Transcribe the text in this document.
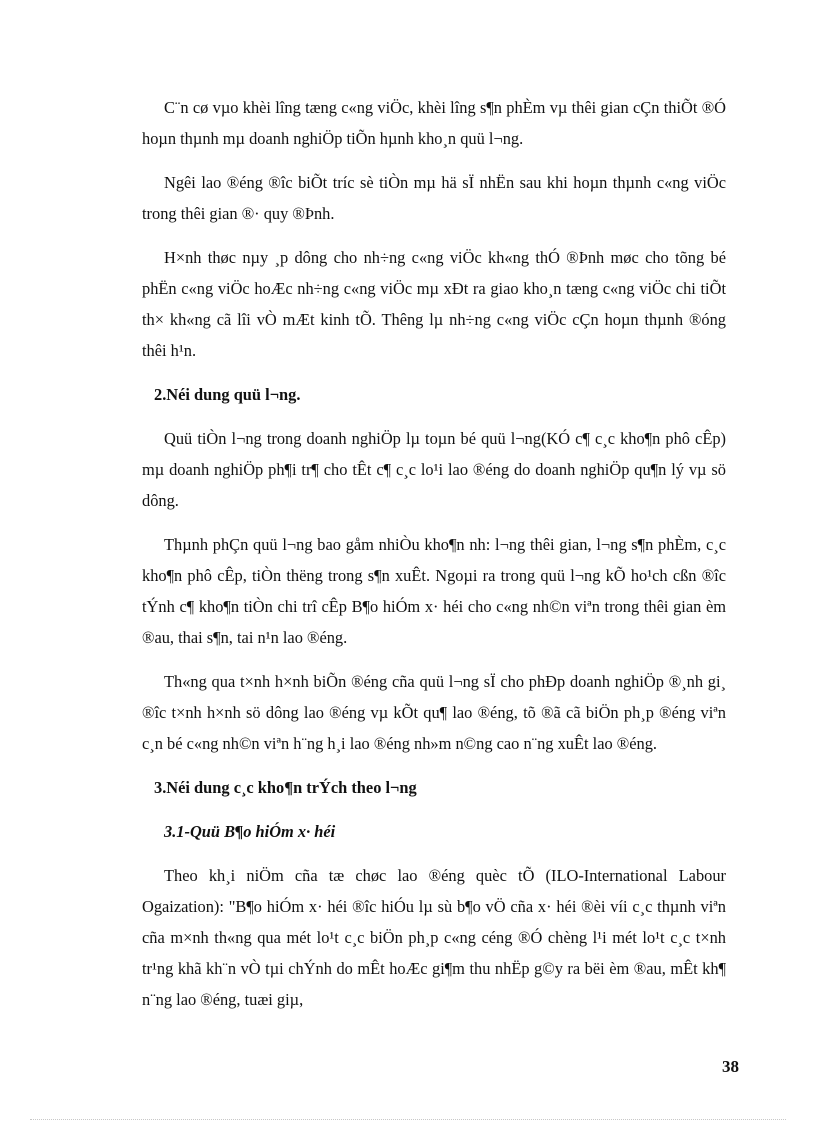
C¨n cø vµo khèi lîng tæng c«ng viÖc, khèi lîng s¶n phÈm vµ thêi gian cÇn thiÕt ®Ó hoµn thµnh mµ doanh nghiÖp tiÕn hµnh kho¸n quü l¬ng.

Ngêi lao ®éng ®îc biÕt tríc sè tiÒn mµ hä sÏ nhËn sau khi hoµn thµnh c«ng viÖc trong thêi gian ®· quy ®Þnh.

H×nh thøc nµy ¸p dông cho nh÷ng c«ng viÖc kh«ng thÓ ®Þnh møc cho tõng bé phËn c«ng viÖc hoÆc nh÷ng c«ng viÖc mµ xÐt ra giao kho¸n tæng c«ng viÖc chi tiÕt th× kh«ng cã lîi vÒ mÆt kinh tÕ. Thêng lµ nh÷ng c«ng viÖc cÇn hoµn thµnh ®óng thêi h¹n.

2.Néi dung quü l¬ng.

Quü tiÒn l¬ng trong doanh nghiÖp lµ toµn bé quü l¬ng(KÓ c¶ c¸c kho¶n phô cÊp) mµ doanh nghiÖp ph¶i tr¶ cho tÊt c¶ c¸c lo¹i lao ®éng do doanh nghiÖp qu¶n lý vµ sö dông.

Thµnh phÇn quü l¬ng bao gåm nhiÒu kho¶n nh: l¬ng thêi gian, l¬ng s¶n phÈm, c¸c kho¶n phô cÊp, tiÒn thëng trong s¶n xuÊt. Ngoµi ra trong quü l¬ng kÕ ho¹ch cßn ®îc tÝnh c¶ kho¶n tiÒn chi trî cÊp B¶o hiÓm x· héi cho c«ng nh©n viªn trong thêi gian èm ®au, thai s¶n, tai n¹n lao ®éng.

Th«ng qua t×nh h×nh biÕn ®éng cña quü l¬ng sÏ cho phÐp doanh nghiÖp ®¸nh gi¸ ®îc t×nh h×nh sö dông lao ®éng vµ kÕt qu¶ lao ®éng, tõ ®ã cã biÖn ph¸p ®éng viªn c¸n bé c«ng nh©n viªn h¨ng h¸i lao ®éng nh»m n©ng cao n¨ng xuÊt lao ®éng.

3.Néi dung c¸c kho¶n trÝch theo l¬ng
3.1-Quü B¶o hiÓm x· héi

Theo kh¸i niÖm cña tæ chøc lao ®éng quèc tÕ (ILO-International Labour Ogaization): "B¶o hiÓm x· héi ®îc hiÓu lµ sù b¶o vÖ cña x· héi ®èi víi c¸c thµnh viªn cña m×nh th«ng qua mét lo¹t c¸c biÖn ph¸p c«ng céng ®Ó chèng l¹i mét lo¹t c¸c t×nh tr¹ng khã kh¨n vÒ tµi chÝnh do mÊt hoÆc gi¶m thu nhËp g©y ra bëi èm ®au, mÊt kh¶ n¨ng lao ®éng, tuæi giµ,

38
